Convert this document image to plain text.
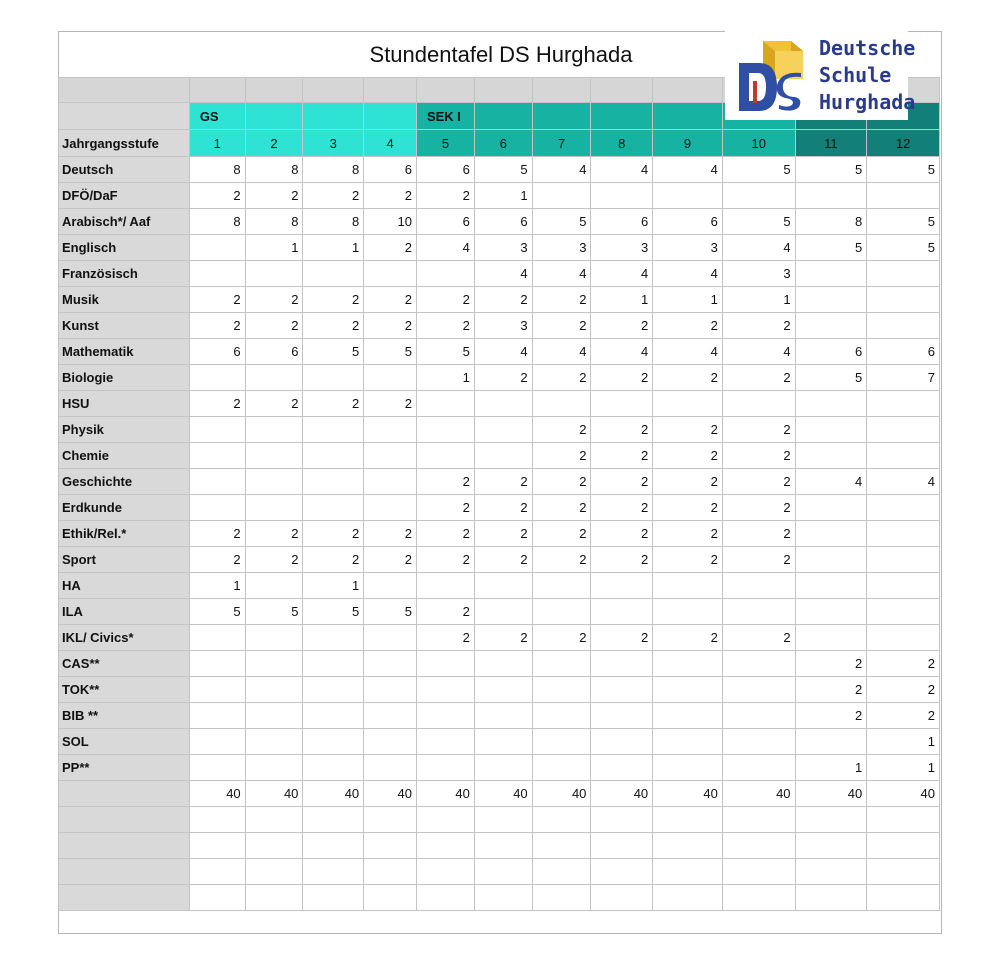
Stundentafel DS Hurghada

	GS				SEK I							
Jahrgangsstufe	1	2	3	4	5	6	7	8	9	10	11	12
Deutsch	8	8	8	6	6	5	4	4	4	5	5	5
DFÖ/DaF	2	2	2	2	2	1						
Arabisch*/ Aaf	8	8	8	10	6	6	5	6	6	5	8	5
Englisch		1	1	2	4	3	3	3	3	4	5	5
Französisch						4	4	4	4	3		
Musik	2	2	2	2	2	2	2	1	1	1		
Kunst	2	2	2	2	2	3	2	2	2	2		
Mathematik	6	6	5	5	5	4	4	4	4	4	6	6
Biologie					1	2	2	2	2	2	5	7
HSU	2	2	2	2								
Physik							2	2	2	2		
Chemie							2	2	2	2		
Geschichte					2	2	2	2	2	2	4	4
Erdkunde					2	2	2	2	2	2		
Ethik/Rel.*	2	2	2	2	2	2	2	2	2	2		
Sport	2	2	2	2	2	2	2	2	2	2		
HA	1		1									
ILA	5	5	5	5	2							
IKL/ Civics*					2	2	2	2	2	2		
CAS**											2	2
TOK**											2	2
BIB **											2	2
SOL												1
PP**											1	1
	40	40	40	40	40	40	40	40	40	40	40	40

Deutsche
Schule
Hurghada
